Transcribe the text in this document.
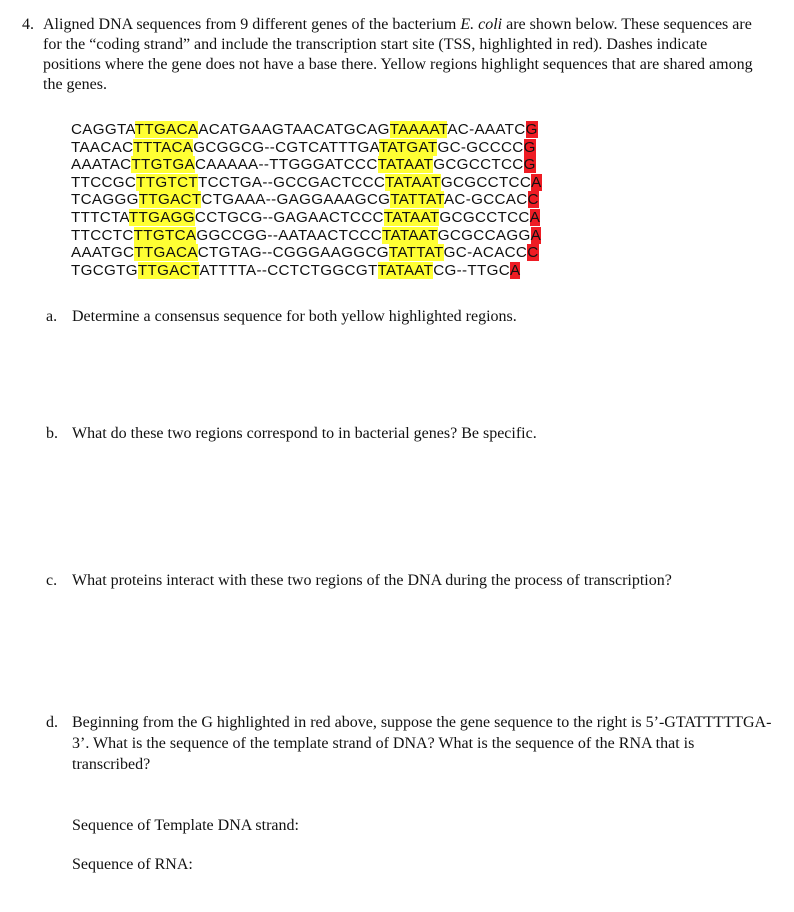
4. Aligned DNA sequences from 9 different genes of the bacterium E. coli are shown below. These sequences are for the “coding strand” and include the transcription start site (TSS, highlighted in red). Dashes indicate positions where the gene does not have a base there. Yellow regions highlight sequences that are shared among the genes.
CAGGTATTGACAACATGAAGTAACATGCAGTAAAATAC-AAATCG
TAACACTTTACAGCGGCG--CGTCATTTGATATGATGC-GCCCCG
AAATACTTGTGACAAAAA--TTGGGATCCCTATAATGCGCCTCCG
TTCCGCTTGTCTTCCTGA--GCCGACTCCCTATAATGCGCCTCCA
TCAGGGTTGACTCTGAAA--GAGGAAAGCGTATTATAC-GCCACC
TTTCTATTGAGGCCTGCG--GAGAACTCCCTATAATGCGCCTCCA
TTCCTCTTGTCAGGCCGG--AATAACTCCCTATAATGCGCCAGGA
AAATGCTTGACACTGTAG--CGGGAAGGCGTATTATGC-ACACCC
TGCGTGTTGACTATTTTA--CCTCTGGCGTTATAATCG--TTGCA
a. Determine a consensus sequence for both yellow highlighted regions.
b. What do these two regions correspond to in bacterial genes? Be specific.
c. What proteins interact with these two regions of the DNA during the process of transcription?
d. Beginning from the G highlighted in red above, suppose the gene sequence to the right is 5’-GTATTTTTGA-3’. What is the sequence of the template strand of DNA? What is the sequence of the RNA that is transcribed?
Sequence of Template DNA strand:
Sequence of RNA:
